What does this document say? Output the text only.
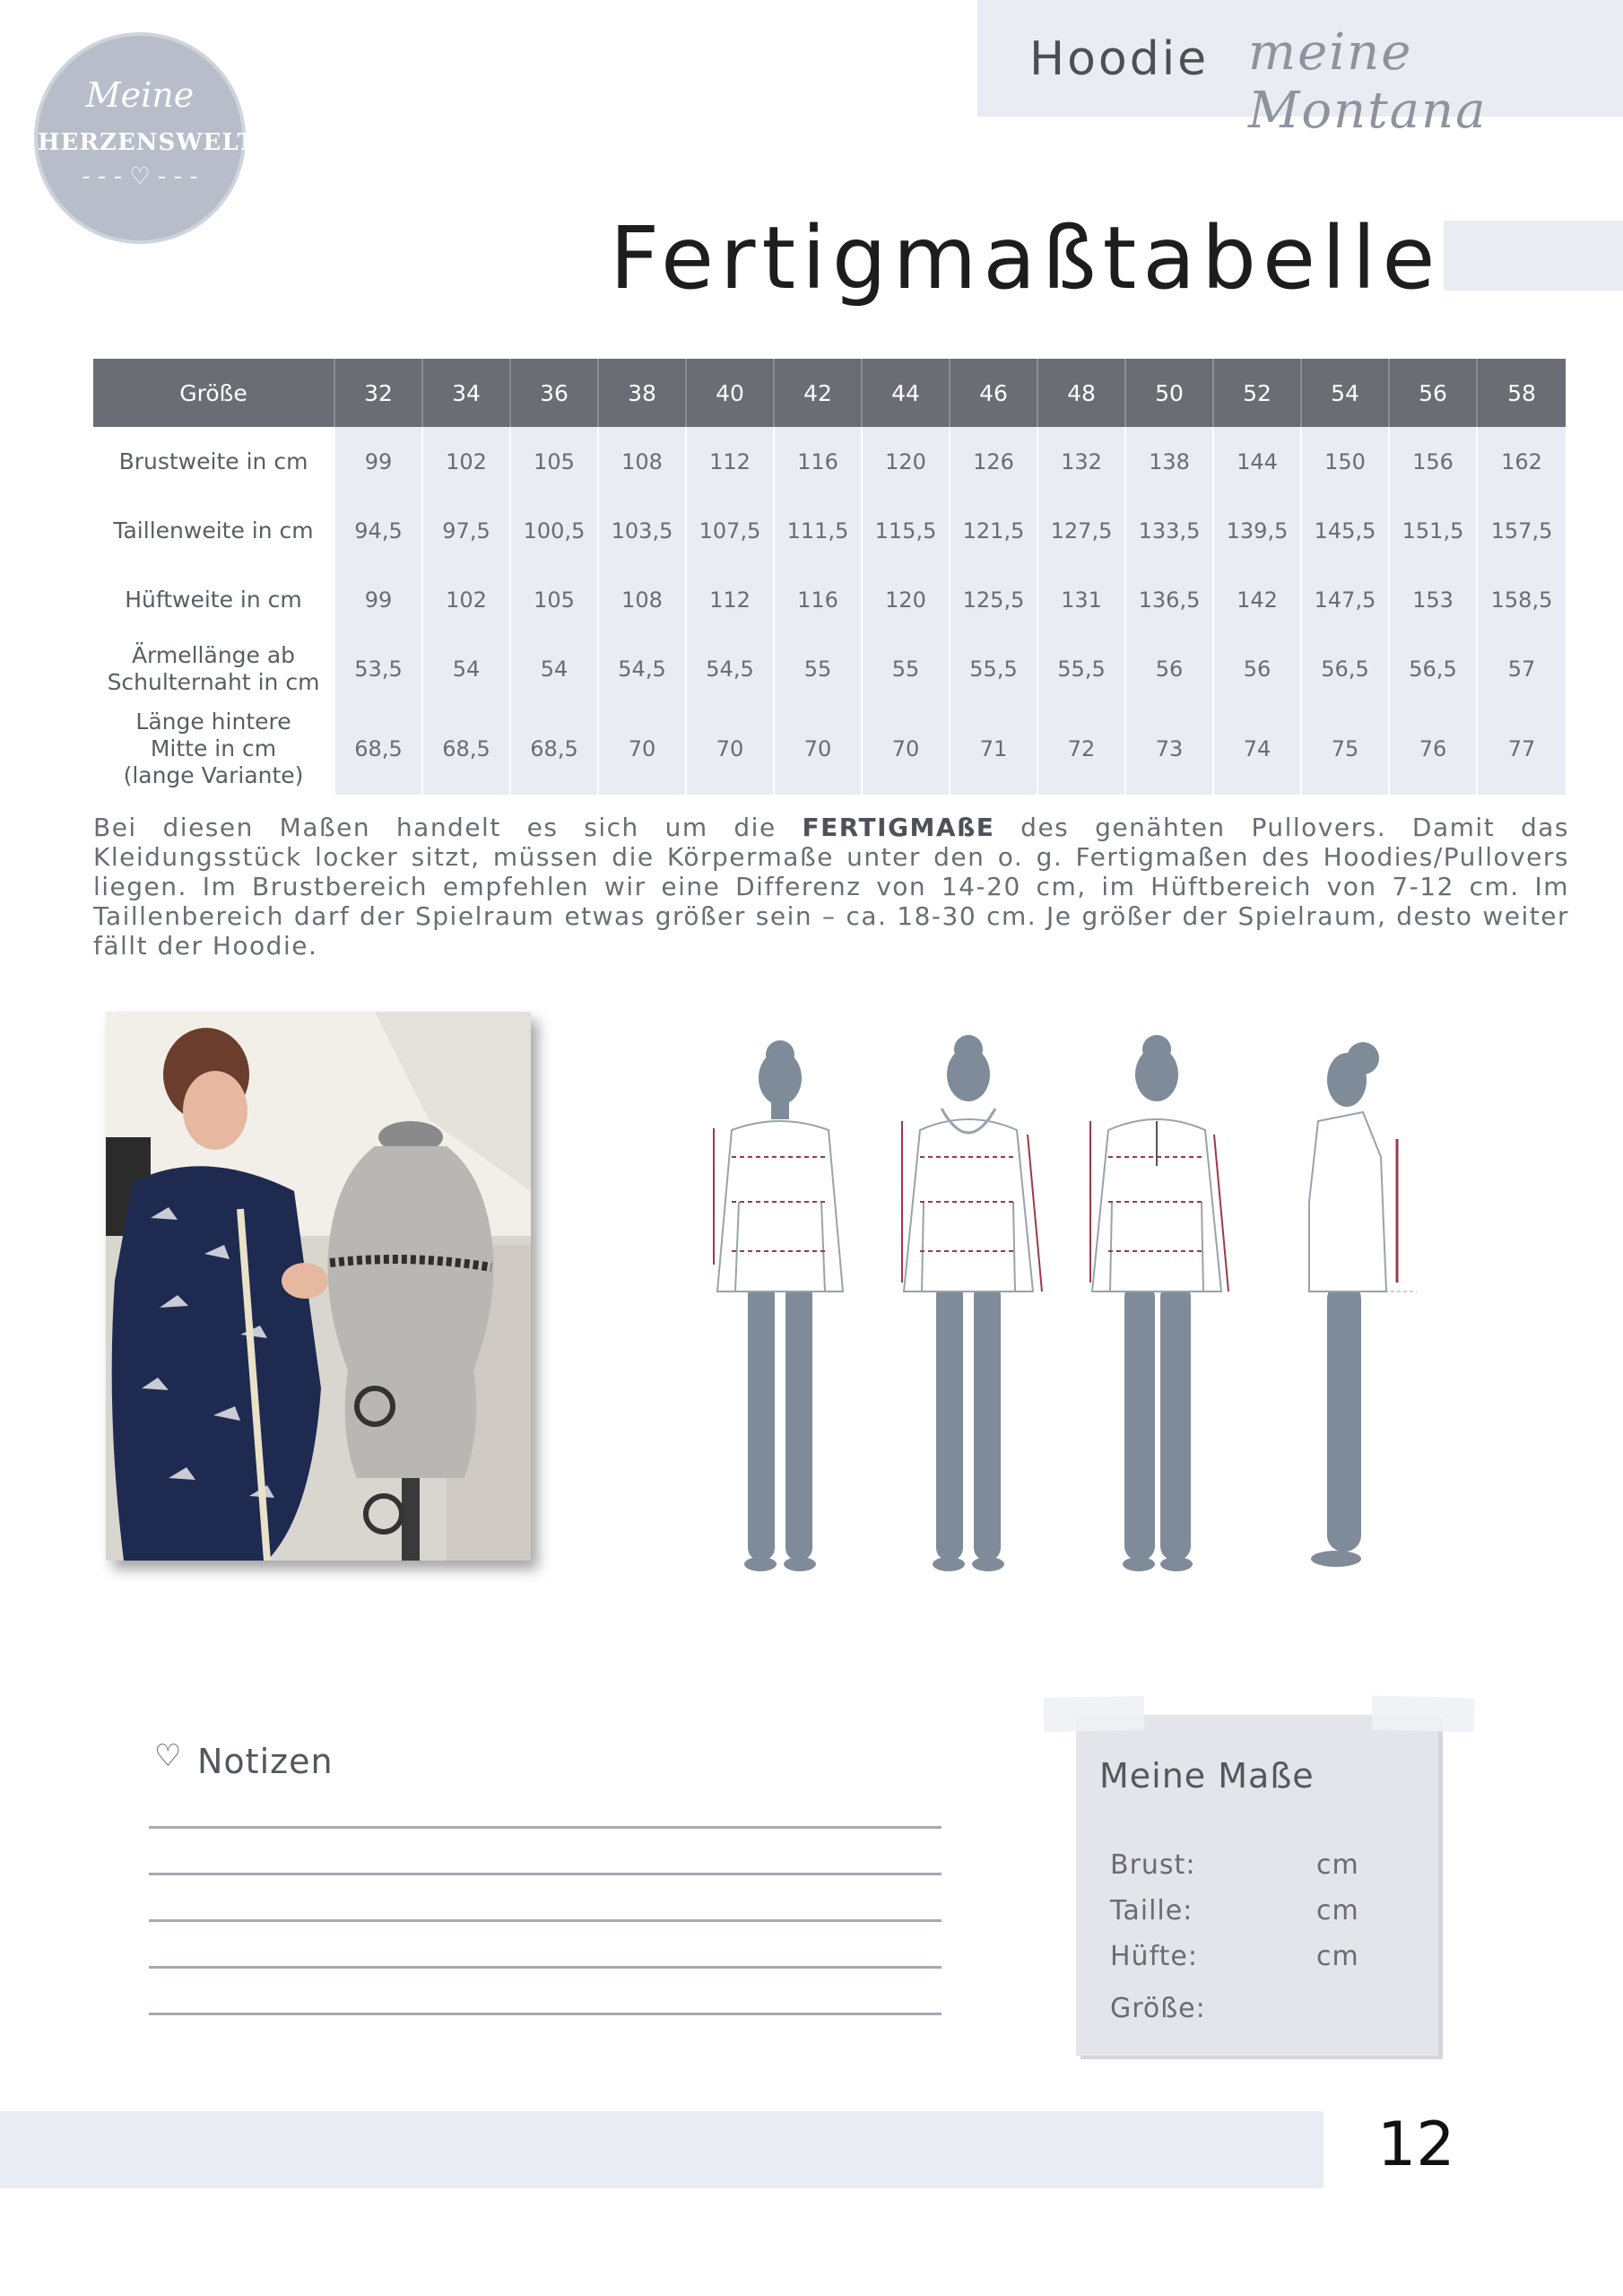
Hoodie meine Montana
Meine
HERZENSWELT
- - - ♡ - - -
Fertigmaßtabelle
Größe	32	34	36	38	40	42	44	46	48	50	52	54	56	58

Brustweite in cm	99	102	105	108	112	116	120	126	132	138	144	150	156	162

Taillenweite in cm	94,5	97,5	100,5	103,5	107,5	111,5	115,5	121,5	127,5	133,5	139,5	145,5	151,5	157,5

Hüftweite in cm	99	102	105	108	112	116	120	125,5	131	136,5	142	147,5	153	158,5

Ärmellänge ab
Schulternaht in cm	53,5	54	54	54,5	54,5	55	55	55,5	55,5	56	56	56,5	56,5	57

Länge hintere
Mitte in cm
(lange Variante)	68,5	68,5	68,5	70	70	70	70	71	72	73	74	75	76	77
Bei diesen Maßen handelt es sich um die FERTIGMAßE des genähten Pullovers. Damit das Kleidungsstück locker sitzt, müssen die Körpermaße unter den o. g. Fertigmaßen des Hoodies/Pullovers liegen. Im Brustbereich empfehlen wir eine Differenz von 14-20 cm, im Hüftbereich von 7-12 cm. Im Taillenbereich darf der Spielraum etwas größer sein – ca. 18-30 cm. Je größer der Spielraum, desto weiter fällt der Hoodie.
♡ Notizen	Meine Maße
Brust:	cm
Taille:	cm
Hüfte:	cm
Größe:
12
